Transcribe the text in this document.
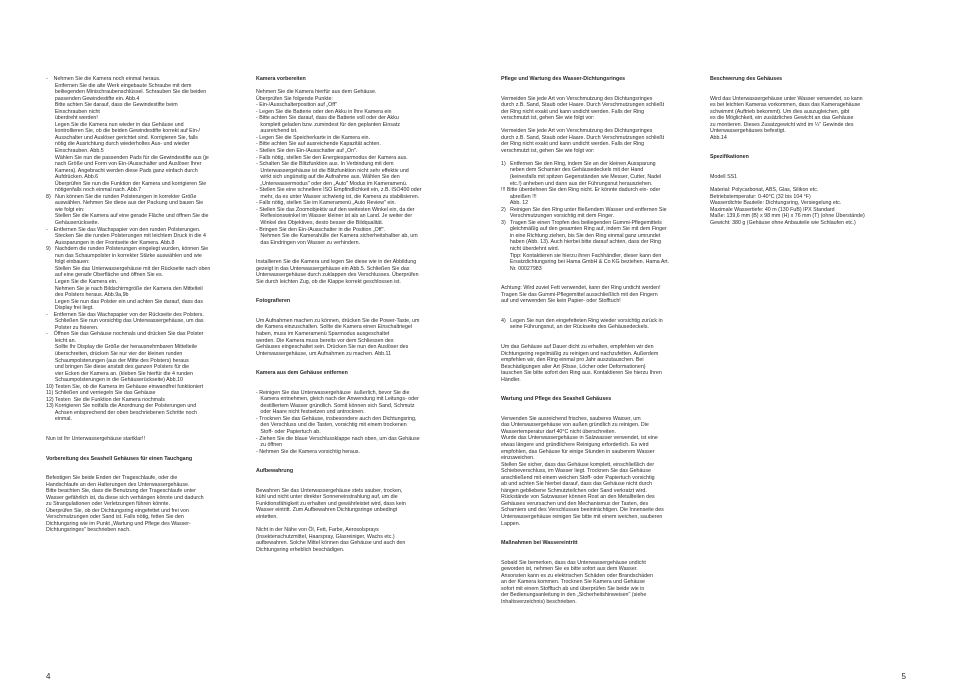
-    Nehmen Sie die Kamera noch einmal heraus.
Entfernen Sie die alte Werk eingebaute Schraube mit dem
beiliegenden Minischraubenschlüssel. Schrauben Sie die beiden
passenden Gewindestifte ein. Abb.4
Bitte achten Sie darauf, dass die Gewindestifte beim
Einschrauben nicht
überdreht werden!
Legen Sie die Kamera nun wieder in das Gehäuse und
kontrollieren Sie, ob die beiden Gewindestifte korrekt auf Ein-/
Ausschalter und Auslöser gerichtet sind. Korrigieren Sie, falls
nötig die Ausrichtung durch wiederholtes Aus- und wieder
Einschrauben. Abb.5
Wählen Sie nun die passenden Pads für die Gewindestifte aus (je
nach Größe und Form von Ein-/Ausschalter und Auslöser Ihrer
Kamera). Angebracht werden diese Pads ganz einfach durch
Aufdrücken. Abb.6
Überprüfen Sie nun die Funktion der Kamera und korrigieren Sie
nötigenfalls noch einmal nach. Abb.7
8)   Nun können Sie die runden Polsterungen in korrekter Größe
auswählen. Nehmen Sie diese aus der Packung und bauen Sie
wie folgt ein:
Stellen Sie die Kamera auf eine gerade Fläche und öffnen Sie die
Gehäuserückseite.
-    Entfernen Sie das Wachspapier von den runden Polsterungen.
Stecken Sie die runden Polsterungen mit leichtem Druck in die 4
Aussparungen in der Frontseite der Kamera. Abb.8
9)   Nachdem die runden Polsterungen eingelegt wurden, können Sie
nun das Schaumpolster in korrekter Stärke auswählen und wie
folgt einbauen:
Stellen Sie das Unterwassergehäuse mit der Rückseite nach oben
auf eine gerade Oberfläche und öffnen Sie es.
Legen Sie die Kamera ein.
Nehmen Sie je nach Bildschirmgröße der Kamera den Mittelteil
des Polsters heraus. Abb.9a,9b
Legen Sie nun das Polster ein und achten Sie darauf, dass das
Display frei liegt.
-    Entfernen Sie das Wachspapier von der Rückseite des Polsters.
Schließen Sie nun vorsichtig das Unterwassergehäuse, um das
Polster zu fixieren.
-    Öffnen Sie das Gehäuse nochmals und drücken Sie das Polster
leicht an.
Sollte Ihr Display die Größe der herausnehmbaren Mittelteile
überschreiten, drücken Sie nur vier der kleinen runden
Schaumpolsterungen (aus der Mitte des Polsters) heraus
und bringen Sie diese anstatt des ganzen Polsters für die
vier Ecken der Kamera an. (kleben Sie hierfür die 4 runden
Schaumpolsterungen in die Gehäuserückseite) Abb.10
10) Testen Sie, ob die Kamera im Gehäuse einwandfrei funktioniert
11) Schließen und verriegeln Sie das Gehäuse
12) Testen  Sie die Funktion der Kamera nochmals
13) Korrigieren Sie notfalls die Anordnung der Polsterungen und
Achsen entsprechend der oben beschriebenen Schritte noch
einmal.
Nun ist Ihr Unterwassergehäuse startklar!!
Vorbereitung des Seashell Gehäuses für einen Tauchgang
Befestigen Sie beide Enden der Trageschlaufe, oder die
Handschlaufe an den Halterungen des Unterwassergehäuse.
Bitte beachten Sie, dass die Benutzung der Trageschlaufe unter
Wasser gefährlich ist, da diese sich verhängen könnte und dadurch
zu Strangulationen oder Verletzungen führen könnte.
Überprüfen Sie, ob der Dichtungsring eingefettet und frei von
Verschmutzungen oder Sand ist. Falls nötig, fetten Sie den
Dichtungsring wie im Punkt „Wartung und Pflege des Wasser-
Dichtungsringes" beschrieben nach.
Kamera vorbereiten
Nehmen Sie die Kamera hierfür aus dem Gehäuse.
Überprüfen Sie folgende Punkte:
- Ein-/Ausschalterposition auf „Off"
- Legen Sie die Batterie oder den Akku in Ihre Kamera ein
- Bitte achten Sie darauf, dass die Batterie voll oder der Akku
komplett geladen bzw. zumindest für den geplanten Einsatz
ausreichend ist.
- Legen Sie die Speicherkarte in die Kamera ein.
- Bitte achten Sie auf ausreichende Kapazität achten.
- Stellen Sie den Ein-/Ausschalter auf „On".
- Falls nötig, stellen Sie den Energiesparmodus der Kamera aus.
- Schalten Sie die Blitzfunktion aus. In Verbindung mit dem
Unterwassergehäuse ist die Blitzfunktion nicht sehr effektiv und
wirkt sich ungünstig auf die Aufnahme aus. Wählen Sie den
„Unterwassermodus" oder den „Auto" Modus im Kameramenü.
- Stellen Sie eine schnellere ISO Empfindlichkeit ein, z.B. ISO400 oder
mehr, da es unter Wasser schwierig ist, die Kamera zu stabilisieren.
- Falls nötig, stellen Sie im Kameramenü „Auto Review" ein.
- Stellen Sie das Zoomobjektiv auf den weitesten Winkel ein, da der
Reflexionswinkel im Wasser kleiner ist als an Land. Je weiter der
Winkel des Objektives, desto besser die Bildqualität.
- Bringen Sie den Ein-/Ausschalter in die Position „Off".
Nehmen Sie die Kamerahülle der Kamera sicherheitshalber ab, um
das Eindringen von Wasser zu verhindern.
Installieren Sie die Kamera und legen Sie diese wie in der Abbildung
gezeigt in das Unterwassergehäuse ein Abb.5. Schließen Sie das
Unterwassergehäuse durch zuklappen des Verschlusses. Überprüfen
Sie durch leichten Zug, ob die Klappe korrekt geschlossen ist.
Fotografieren
Um Aufnahmen machen zu können, drücken Sie die Power-Taste, um
die Kamera einzuschalten. Sollte die Kamera einen Einschaltriegel
haben, muss im Kameramenü Sparmodus ausgeschaltet
werden. Die Kamera muss bereits vor dem Schliessen des
Gehäuses eingeschaltet sein. Drücken Sie nun den Auslöser des
Unterwassergehäuse, um Aufnahmen zu machen. Abb.11
Kamera aus dem Gehäuse entfernen
- Reinigen Sie das Unterwassergehäuse  äußerlich, bevor Sie die
Kamera entnehmen, gleich nach der Anwendung mit Leitungs- oder
destilliertem Wasser gründlich. Somit können sich Sand, Schmutz
oder Haare nicht festsetzen und antrocknen.
- Trocknen Sie das Gehäuse, insbesondere auch den Dichtungsring,
den Verschluss und die Tasten, vorsichtig mit einem trockenen
Stoff- oder Papiertuch ab.
- Ziehen Sie die blaue Verschlussklappe nach oben, um das Gehäuse
zu öffnen
- Nehmen Sie die Kamera vorsichtig heraus.
Aufbewahrung
Bewahren Sie das Unterwassergehäuse stets sauber, trocken,
kühl und nicht unter direkter Sonneneinstrahlung auf, um die
Funktionsfähigkeit zu erhalten und gewährleistet wird, dass kein
Wasser eintritt. Zum Aufbewahren Dichtungsringe unbedingt
eintetten.
Nicht in der Nähe von Öl, Fett, Farbe, Aerosolsprays
(Insektenschutzmittel, Haarspray, Glasreiniger, Wachs etc.)
aufbewahren. Solche Mittel können das Gehäuse und auch den
Dichtungsring erheblich beschädigen.
4
Pflege und Wartung des Wasser-Dichtungsringes
Vermeiden Sie jede Art von Verschmutzung des Dichtungsringes
durch z.B. Sand, Staub oder Haare. Durch Verschmutzungen schließt
der Ring nicht exakt und kann undicht werden. Falls der Ring
verschmutzt ist, gehen Sie wie folgt vor:
Vermeiden Sie jede Art von Verschmutzung des Dichtungsringes
durch z.B. Sand, Staub oder Haare. Durch Verschmutzungen schließt
der Ring nicht exakt und kann undicht werden. Falls der Ring
verschmutzt ist, gehen Sie wie folgt vor:
1)   Entfernen Sie den Ring, indem Sie an der kleinen Aussparung
neben dem Scharnier des Gehäusedeckels mit der Hand
(keinesfalls mit spitzen Gegenständen wie Messer, Cutter, Nadel
etc.!) anheben und dann aus der Führungsnut herausziehen.
!!! Bitte überdehnen Sie den Ring nicht. Er könnte dadurch ein- oder
abreißen !!!
Abb. 12
2)   Reinigen Sie den Ring unter fließendem Wasser und entfernen Sie
Verschmutzungen vorsichtig mit dem Finger.
3)   Tragen Sie einen Tropfen des beiliegenden Gummi-Pflegemittels
gleichmäßig auf den gesamten Ring auf, indem Sie mit dem Finger
in eine Richtung ziehen, bis Sie den Ring einmal ganz umrundet
haben (Abb. 13). Auch hierbei bitte darauf achten, dass der Ring
nicht überdehnt wird.
Tipp: Kontaktieren sie hierzu ihren Fachhändler, dieser kann den
Ersatzdichtungsring bei Hama GmbH & Co KG beziehen. Hama Art.
Nr. 00027983
Achtung: Wird zuviel Fett verwendet, kann der Ring undicht werden!
Tragen Sie das Gummi-Pflegemittel ausschließlich mit den Fingern
auf und verwenden Sie kein Papier- oder Stofftuch!
4)   Legen Sie nun den eingefetteten Ring wieder vorsichtig zurück in
seine Führungsnut, an der Rückseite des Gehäusedeckels.
Um das Gehäuse auf Dauer dicht zu erhalten, empfehlen wir den
Dichtungsring regelmäßig zu reinigen und nachzufetten. Außerdem
empfehlen wir, den Ring einmal pro Jahr auszutauschen. Bei
Beschädigungen aller Art (Risse, Löcher oder Deformationen)
tauschen Sie bitte sofort den Ring aus. Kontaktieren Sie hierzu Ihren
Händler.
Wartung und Pflege des Seashell Gehäuses
Verwenden Sie ausreichend frisches, sauberes Wasser, um
das Unterwassergehäuse von außen gründlich zu reinigen. Die
Wassertemperatur darf 40°C nicht überschreiten.
Wurde das Unterwassergehäuse in Salzwasser verwendet, ist eine
etwas längere und gründlichere Reinigung erforderlich. Es wird
empfohlen, das Gehäuse für einige Stunden in sauberem Wasser
einzuweichen.
Stellen Sie sicher, dass das Gehäuse komplett, einschließlich der
Schiebeverschluss, im Wasser liegt. Trocknen Sie das Gehäuse
anschließend mit einem weichen Stoff- oder Papiertuch vorsichtig
ab und achten Sie hierbei darauf, dass das Gehäuse nicht durch
hängen gebliebene Schmutzteilchen oder Sand verkratzt wird.
Rückstände von Salzwasser können Rost an den Metallteilen des
Gehäuses verursachen und den Mechanismus der Tasten, des
Scharniers und des Verschlusses beeinträchtigen. Die Innenseite des
Unterwassergehäuse reinigen Sie bitte mit einem weichen, sauberen
Lappen.
Maßnahmen bei Wassereintritt
Sobald Sie bemerken, dass das Unterwassergehäuse undicht
geworden ist, nehmen Sie es bitte sofort aus dem Wasser.
Ansonsten kann es zu elektrischen Schäden oder Brandschäden
an der Kamera kommen. Trocknen Sie Kamera und Gehäuse
sofort mit einem Stofftuch ab und überprüfen Sie beide wie in
der Bedienungsanleitung in den „Sicherheitshinweisen" (siehe
Inhaltsverzeichnis) beschrieben.
Beschwerung des Gehäuses
Wird das Unterwassergehäuse unter Wasser verwendet, so kann
es bei leichten Kameras vorkommen, dass das Kameragehäuse
schwimmt (Auftrieb bekommt). Um dies auszugleichen, gibt
es die Möglichkeit, ein zusätzliches Gewicht an das Gehäuse
zu montieren. Dieses Zusatzgewicht wird im ¼" Gewinde des
Unterwassergehäuses befestigt.
Abb.14
Spezifikationen
Modell SS1
Material: Polycarbonat, ABS, Glas, Silikon etc.
Betriebstemperatur: 0-40°C (32 bis 104 °F)
Wasserdichte Bauteile: Dichtungsring, Versiegelung etc.
Maximale Wassertiefe: 40 m (130 FuB) IPX Standard
Maße: 139,6 mm (B) x 98 mm (H) x 76 mm (T) (ohne Überstände)
Gewicht: 380 g (Gehäuse ohne Anbauteile wie Schlaufen etc.)
5
